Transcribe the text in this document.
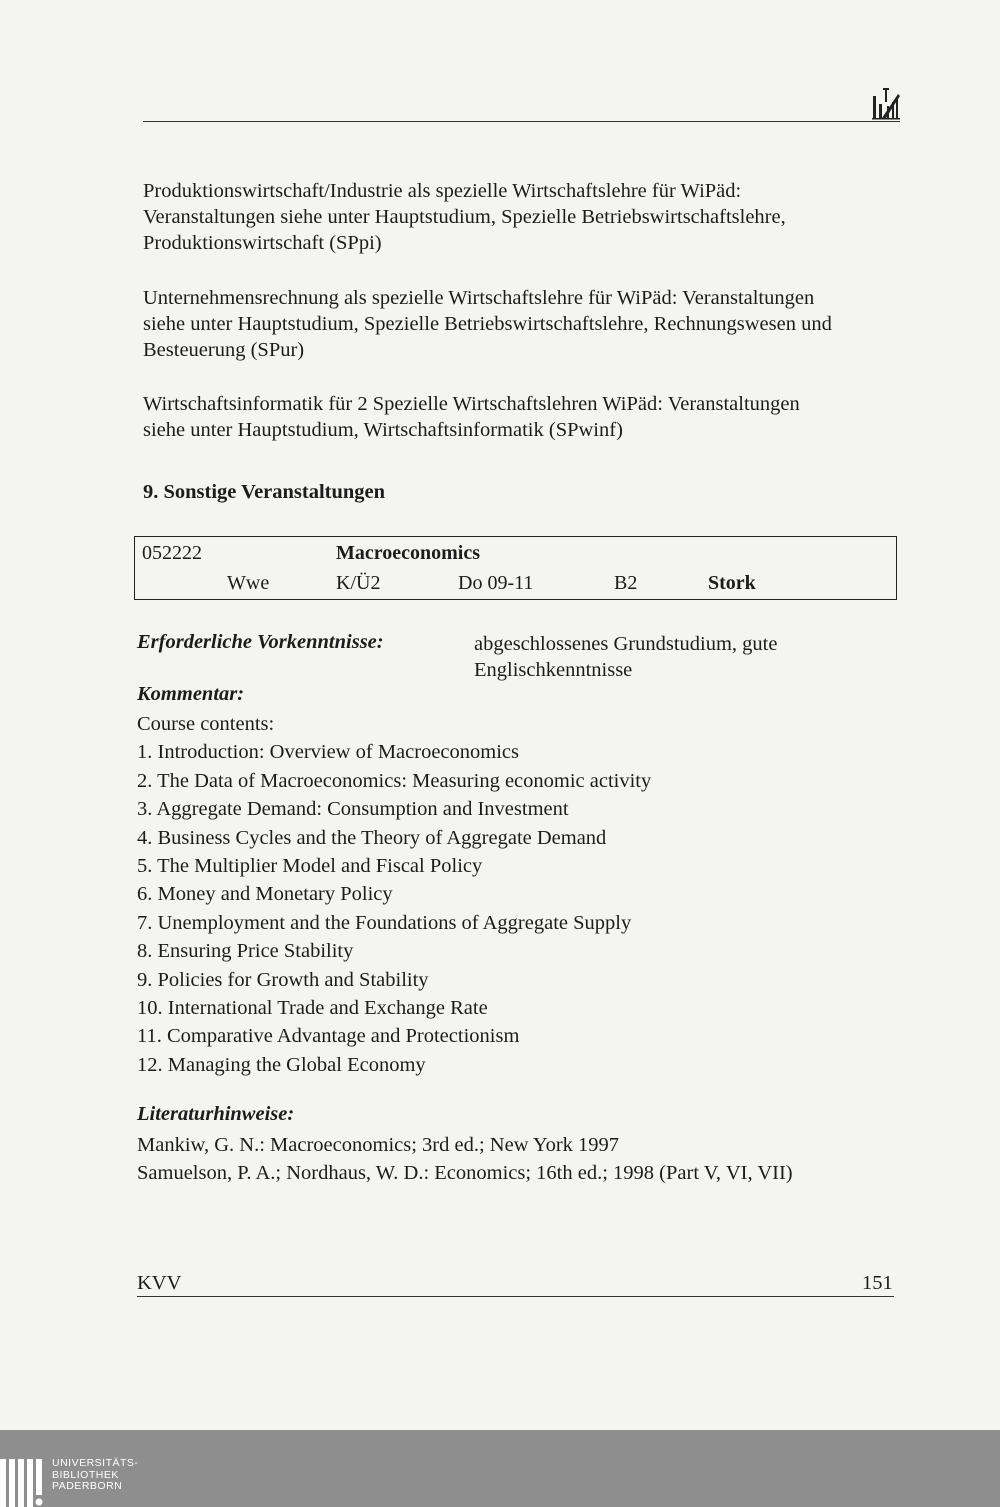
Produktionswirtschaft/Industrie als spezielle Wirtschaftslehre für WiPäd:
Veranstaltungen siehe unter Hauptstudium, Spezielle Betriebswirtschaftslehre,
Produktionswirtschaft (SPpi)

Unternehmensrechnung als spezielle Wirtschaftslehre für WiPäd: Veranstaltungen
siehe unter Hauptstudium, Spezielle Betriebswirtschaftslehre, Rechnungswesen und
Besteuerung (SPur)

Wirtschaftsinformatik für 2 Spezielle Wirtschaftslehren WiPäd: Veranstaltungen
siehe unter Hauptstudium, Wirtschaftsinformatik (SPwinf)

9. Sonstige Veranstaltungen
052222	Macroeconomics
Wwe	K/Ü2	Do 09-11	B2	Stork

Erforderliche Vorkenntnisse:	abgeschlossenes Grundstudium, gute
Englischkenntnisse

Kommentar:

Course contents:
1. Introduction: Overview of Macroeconomics
2. The Data of Macroeconomics: Measuring economic activity
3. Aggregate Demand: Consumption and Investment
4. Business Cycles and the Theory of Aggregate Demand
5. The Multiplier Model and Fiscal Policy
6. Money and Monetary Policy
7. Unemployment and the Foundations of Aggregate Supply
8. Ensuring Price Stability
9. Policies for Growth and Stability
10. International Trade and Exchange Rate
11. Comparative Advantage and Protectionism
12. Managing the Global Economy

Literaturhinweise:

Mankiw, G. N.: Macroeconomics; 3rd ed.; New York 1997
Samuelson, P. A.; Nordhaus, W. D.: Economics; 16th ed.; 1998 (Part V, VI, VII)
KVV	151
UNIVERSITÄTS-
BIBLIOTHEK
PADERBORN
